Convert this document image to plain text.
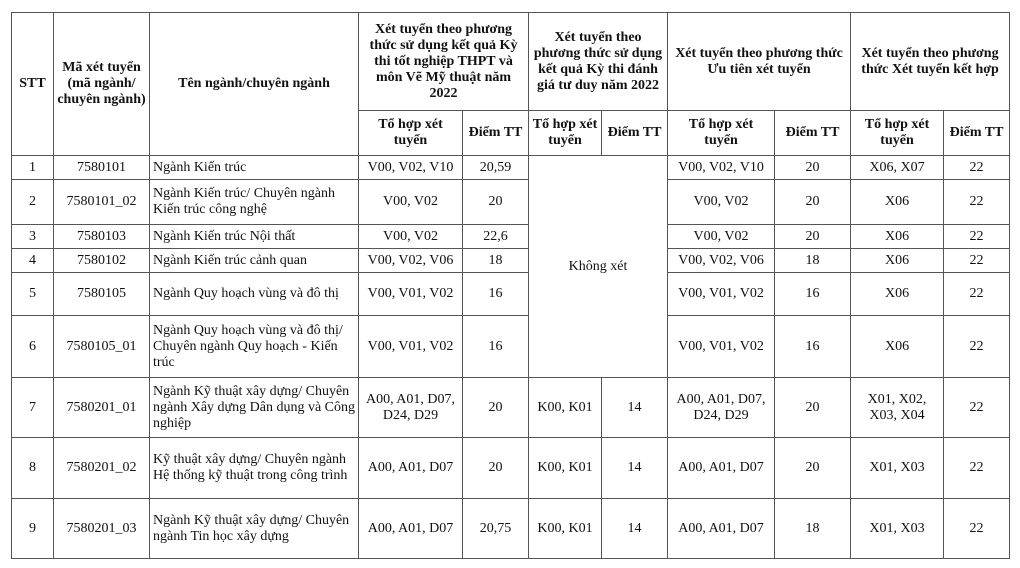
STT	Mã xét tuyển (mã ngành/ chuyên ngành)	Tên ngành/chuyên ngành	Xét tuyển theo phương thức sử dụng kết quả Kỳ thi tốt nghiệp THPT và môn Vẽ Mỹ thuật năm 2022		Xét tuyển theo phương thức sử dụng kết quả Kỳ thi đánh giá tư duy năm 2022		Xét tuyển theo phương thức Ưu tiên xét tuyển		Xét tuyển theo phương thức Xét tuyển kết hợp	
			Tổ hợp xét tuyển	Điểm TT	Tổ hợp xét tuyển	Điểm TT	Tổ hợp xét tuyển	Điểm TT	Tổ hợp xét tuyển	Điểm TT
1	7580101	Ngành Kiến trúc	V00, V02, V10	20,59	Không xét		V00, V02, V10	20	X06, X07	22
2	7580101_02	Ngành Kiến trúc/ Chuyên ngành Kiến trúc công nghệ	V00, V02	20			V00, V02	20	X06	22
3	7580103	Ngành Kiến trúc Nội thất	V00, V02	22,6			V00, V02	20	X06	22
4	7580102	Ngành Kiến trúc cảnh quan	V00, V02, V06	18			V00, V02, V06	18	X06	22
5	7580105	Ngành Quy hoạch vùng và đô thị	V00, V01, V02	16			V00, V01, V02	16	X06	22
6	7580105_01	Ngành Quy hoạch vùng và đô thị/ Chuyên ngành Quy hoạch - Kiến trúc	V00, V01, V02	16			V00, V01, V02	16	X06	22
7	7580201_01	Ngành Kỹ thuật xây dựng/ Chuyên ngành Xây dựng Dân dụng và Công nghiệp	A00, A01, D07, D24, D29	20	K00, K01	14	A00, A01, D07, D24, D29	20	X01, X02, X03, X04	22
8	7580201_02	Kỹ thuật xây dựng/ Chuyên ngành Hệ thống kỹ thuật trong công trình	A00, A01, D07	20	K00, K01	14	A00, A01, D07	20	X01, X03	22
9	7580201_03	Ngành Kỹ thuật xây dựng/ Chuyên ngành Tin học xây dựng	A00, A01, D07	20,75	K00, K01	14	A00, A01, D07	18	X01, X03	22
